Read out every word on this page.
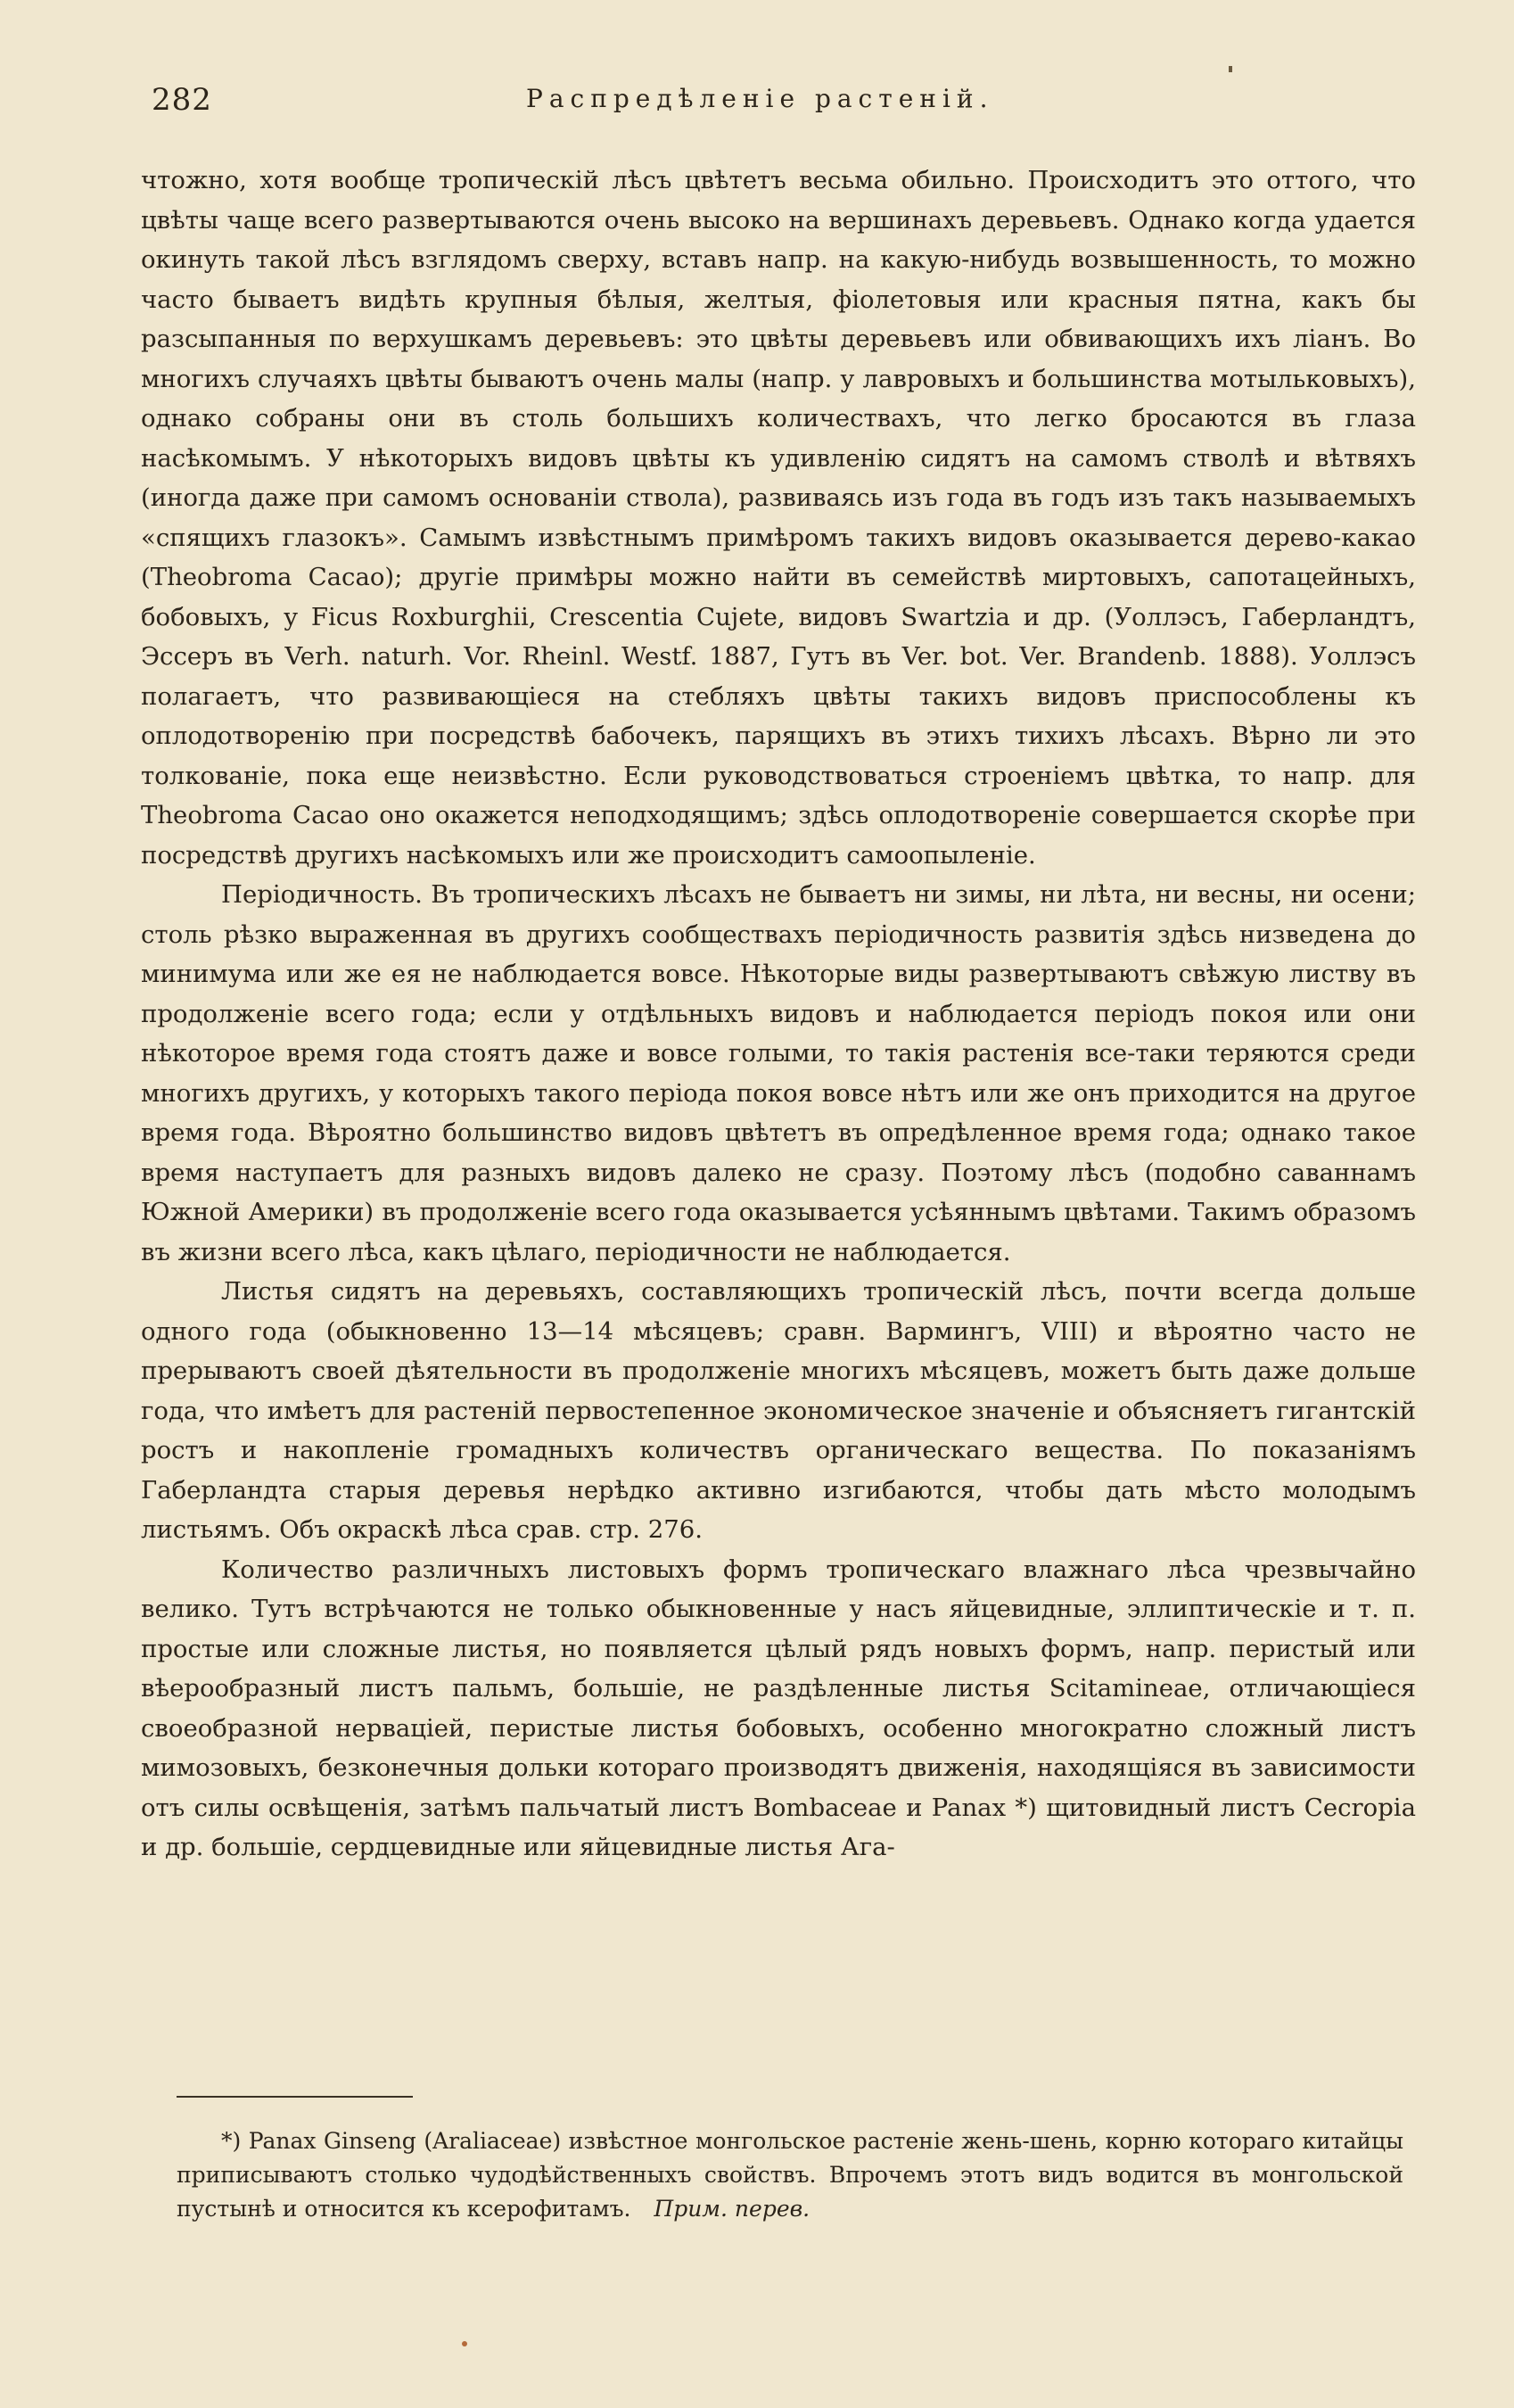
282	Распредѣленіе растеній.

чтожно, хотя вообще тропическій лѣсъ цвѣтетъ весьма обильно. Происходитъ это оттого, что цвѣты чаще всего развертываются очень высоко на вершинахъ деревьевъ. Однако когда удается окинуть такой лѣсъ взглядомъ сверху, вставъ напр. на какую-нибудь возвышенность, то можно часто бываетъ видѣть крупныя бѣлыя, желтыя, фіолетовыя или красныя пятна, какъ бы разсыпанныя по верхушкамъ деревьевъ: это цвѣты деревьевъ или обвивающихъ ихъ ліанъ. Во многихъ случаяхъ цвѣты бываютъ очень малы (напр. у лавровыхъ и большинства мотыльковыхъ), однако собраны они въ столь большихъ количествахъ, что легко бросаются въ глаза насѣкомымъ. У нѣкоторыхъ видовъ цвѣты къ удивленію сидятъ на самомъ стволѣ и вѣтвяхъ (иногда даже при самомъ основаніи ствола), развиваясь изъ года въ годъ изъ такъ называемыхъ «спящихъ глазокъ». Самымъ извѣстнымъ примѣромъ такихъ видовъ оказывается дерево-какао (Theobroma Cacao); другіе примѣры можно найти въ семействѣ миртовыхъ, сапотацейныхъ, бобовыхъ, у Ficus Roxburghii, Crescentia Cujete, видовъ Swartzia и др. (Уоллэсъ, Габерландтъ, Эссеръ въ Verh. naturh. Vor. Rheinl. Westf. 1887, Гутъ въ Ver. bot. Ver. Brandenb. 1888). Уоллэсъ полагаетъ, что развивающіеся на стебляхъ цвѣты такихъ видовъ приспособлены къ оплодотворенію при посредствѣ бабочекъ, парящихъ въ этихъ тихихъ лѣсахъ. Вѣрно ли это толкованіе, пока еще неизвѣстно. Если руководствоваться строеніемъ цвѣтка, то напр. для Theobroma Cacao оно окажется неподходящимъ; здѣсь оплодотвореніе совершается скорѣе при посредствѣ другихъ насѣкомыхъ или же происходитъ самоопыленіе.

Періодичность. Въ тропическихъ лѣсахъ не бываетъ ни зимы, ни лѣта, ни весны, ни осени; столь рѣзко выраженная въ другихъ сообществахъ періодичность развитія здѣсь низведена до минимума или же ея не наблюдается вовсе. Нѣкоторые виды развертываютъ свѣжую листву въ продолженіе всего года; если у отдѣльныхъ видовъ и наблюдается періодъ покоя или они нѣкоторое время года стоятъ даже и вовсе голыми, то такія растенія все-таки теряются среди многихъ другихъ, у которыхъ такого періода покоя вовсе нѣтъ или же онъ приходится на другое время года. Вѣроятно большинство видовъ цвѣтетъ въ опредѣленное время года; однако такое время наступаетъ для разныхъ видовъ далеко не сразу. Поэтому лѣсъ (подобно саваннамъ Южной Америки) въ продолженіе всего года оказывается усѣяннымъ цвѣтами. Такимъ образомъ въ жизни всего лѣса, какъ цѣлаго, періодичности не наблюдается.

Листья сидятъ на деревьяхъ, составляющихъ тропическій лѣсъ, почти всегда дольше одного года (обыкновенно 13—14 мѣсяцевъ; сравн. Вармингъ, VIII) и вѣроятно часто не прерываютъ своей дѣятельности въ продолженіе многихъ мѣсяцевъ, можетъ быть даже дольше года, что имѣетъ для растеній первостепенное экономическое значеніе и объясняетъ гигантскій ростъ и накопленіе громадныхъ количествъ органическаго вещества. По показаніямъ Габерландта старыя деревья нерѣдко активно изгибаются, чтобы дать мѣсто молодымъ листьямъ. Объ окраскѣ лѣса срав. стр. 276.

Количество различныхъ листовыхъ формъ тропическаго влажнаго лѣса чрезвычайно велико. Тутъ встрѣчаются не только обыкновенные у насъ яйцевидные, эллиптическіе и т. п. простые или сложные листья, но появляется цѣлый рядъ новыхъ формъ, напр. перистый или вѣерообразный листъ пальмъ, большіе, не раздѣленные листья Scitamineae, отличающіеся своеобразной нерваціей, перистые листья бобовыхъ, особенно многократно сложный листъ мимозовыхъ, безконечныя дольки котораго производятъ движенія, находящіяся въ зависимости отъ силы освѣщенія, затѣмъ пальчатый листъ Bombaceae и Panax *) щитовидный листъ Cecropia и др. большіе, сердцевидные или яйцевидные листья Ага-

*) Panax Ginseng (Araliaceae) извѣстное монгольское растеніе жень-шень, корню котораго китайцы приписываютъ столько чудодѣйственныхъ свойствъ. Впрочемъ этотъ видъ водится въ монгольской пустынѣ и относится къ ксерофитамъ. Прим. перев.
